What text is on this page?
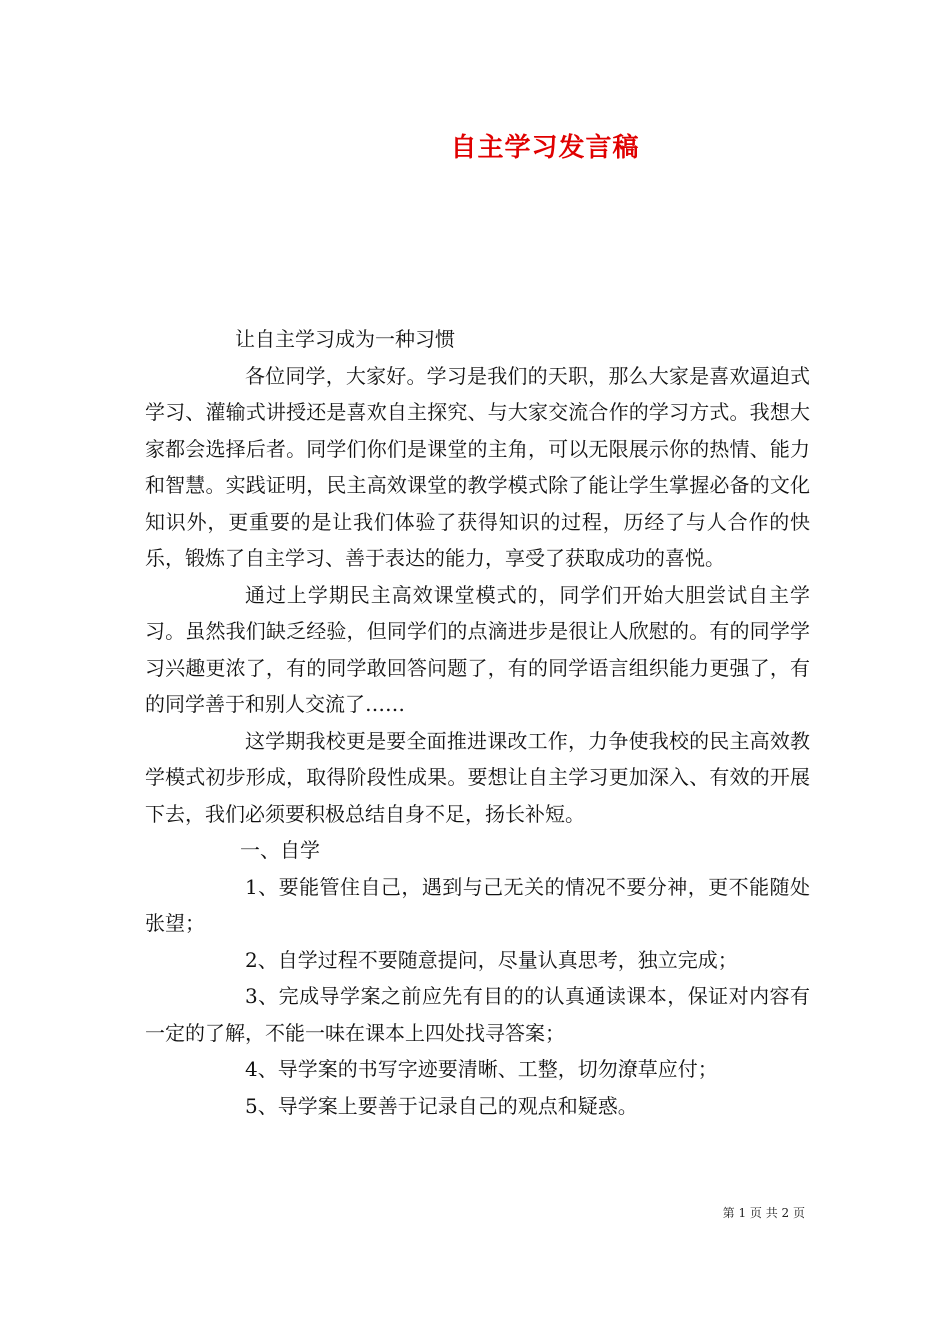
自主学习发言稿

让自主学习成为一种习惯

各位同学，大家好。学习是我们的天职，那么大家是喜欢逼迫式学习、灌输式讲授还是喜欢自主探究、与大家交流合作的学习方式。我想大家都会选择后者。同学们你们是课堂的主角，可以无限展示你的热情、能力和智慧。实践证明，民主高效课堂的教学模式除了能让学生掌握必备的文化知识外，更重要的是让我们体验了获得知识的过程，历经了与人合作的快乐，锻炼了自主学习、善于表达的能力，享受了获取成功的喜悦。

通过上学期民主高效课堂模式的，同学们开始大胆尝试自主学习。虽然我们缺乏经验，但同学们的点滴进步是很让人欣慰的。有的同学学习兴趣更浓了，有的同学敢回答问题了，有的同学语言组织能力更强了，有的同学善于和别人交流了……

这学期我校更是要全面推进课改工作，力争使我校的民主高效教学模式初步形成，取得阶段性成果。要想让自主学习更加深入、有效的开展下去，我们必须要积极总结自身不足，扬长补短。

一、自学

1、要能管住自己，遇到与己无关的情况不要分神，更不能随处张望；

2、自学过程不要随意提问，尽量认真思考，独立完成；

3、完成导学案之前应先有目的的认真通读课本，保证对内容有一定的了解，不能一味在课本上四处找寻答案；

4、导学案的书写字迹要清晰、工整，切勿潦草应付；

5、导学案上要善于记录自己的观点和疑惑。

第 1 页 共 2 页
